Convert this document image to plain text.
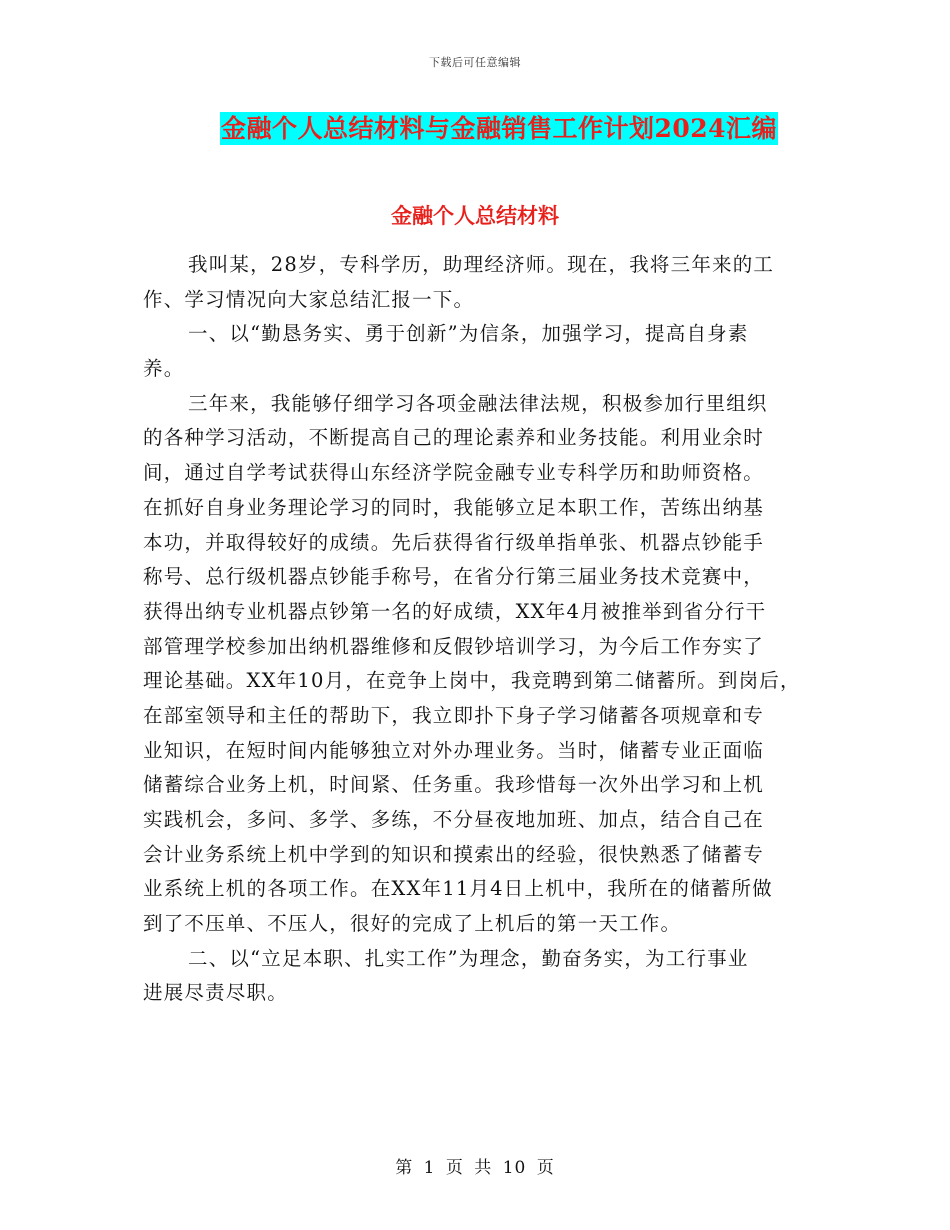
下载后可任意编辑
金融个人总结材料与金融销售工作计划2024汇编
金融个人总结材料
我叫某，28岁，专科学历，助理经济师。现在，我将三年来的工
作、学习情况向大家总结汇报一下。
一、以“勤恳务实、勇于创新”为信条，加强学习，提高自身素
养。
三年来，我能够仔细学习各项金融法律法规，积极参加行里组织
的各种学习活动，不断提高自己的理论素养和业务技能。利用业余时
间，通过自学考试获得山东经济学院金融专业专科学历和助师资格。
在抓好自身业务理论学习的同时，我能够立足本职工作，苦练出纳基
本功，并取得较好的成绩。先后获得省行级单指单张、机器点钞能手
称号、总行级机器点钞能手称号，在省分行第三届业务技术竞赛中，
获得出纳专业机器点钞第一名的好成绩，XX年4月被推举到省分行干
部管理学校参加出纳机器维修和反假钞培训学习，为今后工作夯实了
理论基础。XX年10月，在竞争上岗中，我竞聘到第二储蓄所。到岗后，
在部室领导和主任的帮助下，我立即扑下身子学习储蓄各项规章和专
业知识，在短时间内能够独立对外办理业务。当时，储蓄专业正面临
储蓄综合业务上机，时间紧、任务重。我珍惜每一次外出学习和上机
实践机会，多问、多学、多练，不分昼夜地加班、加点，结合自己在
会计业务系统上机中学到的知识和摸索出的经验，很快熟悉了储蓄专
业系统上机的各项工作。在XX年11月4日上机中，我所在的储蓄所做
到了不压单、不压人，很好的完成了上机后的第一天工作。
二、以“立足本职、扎实工作”为理念，勤奋务实，为工行事业
进展尽责尽职。
第 1 页 共 10 页
